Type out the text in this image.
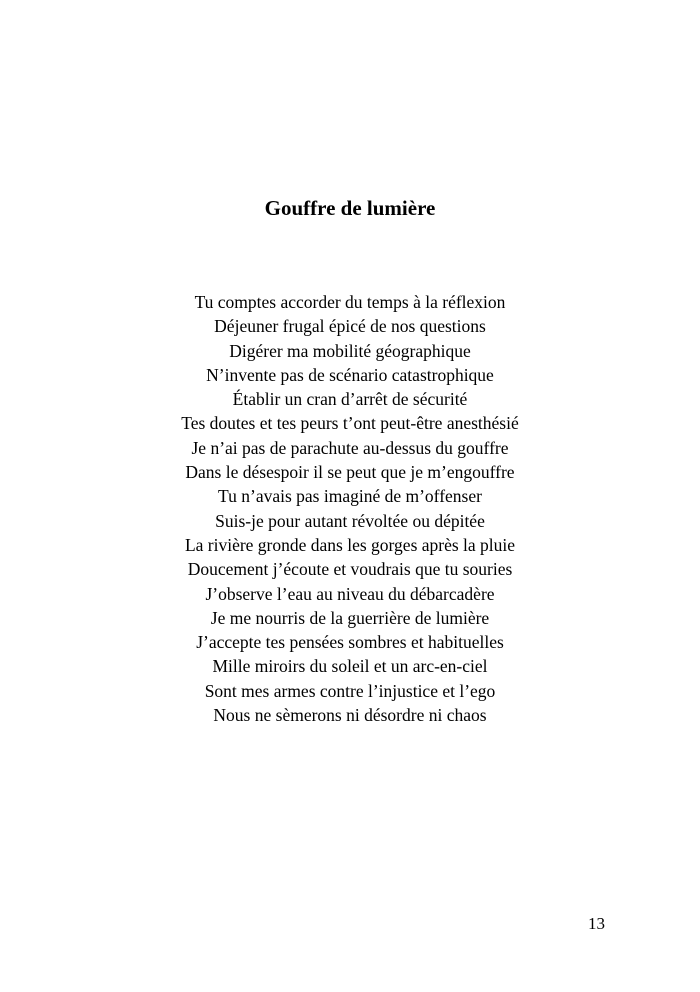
Gouffre de lumière
Tu comptes accorder du temps à la réflexion
Déjeuner frugal épicé de nos questions
Digérer ma mobilité géographique
N’invente pas de scénario catastrophique
Établir un cran d’arrêt de sécurité
Tes doutes et tes peurs t’ont peut-être anesthésié
Je n’ai pas de parachute au-dessus du gouffre
Dans le désespoir il se peut que je m’engouffre
Tu n’avais pas imaginé de m’offenser
Suis-je pour autant révoltée ou dépitée
La rivière gronde dans les gorges après la pluie
Doucement j’écoute et voudrais que tu souries
J’observe l’eau au niveau du débarcadère
Je me nourris de la guerrière de lumière
J’accepte tes pensées sombres et habituelles
Mille miroirs du soleil et un arc-en-ciel
Sont mes armes contre l’injustice et l’ego
Nous ne sèmerons ni désordre ni chaos
13
